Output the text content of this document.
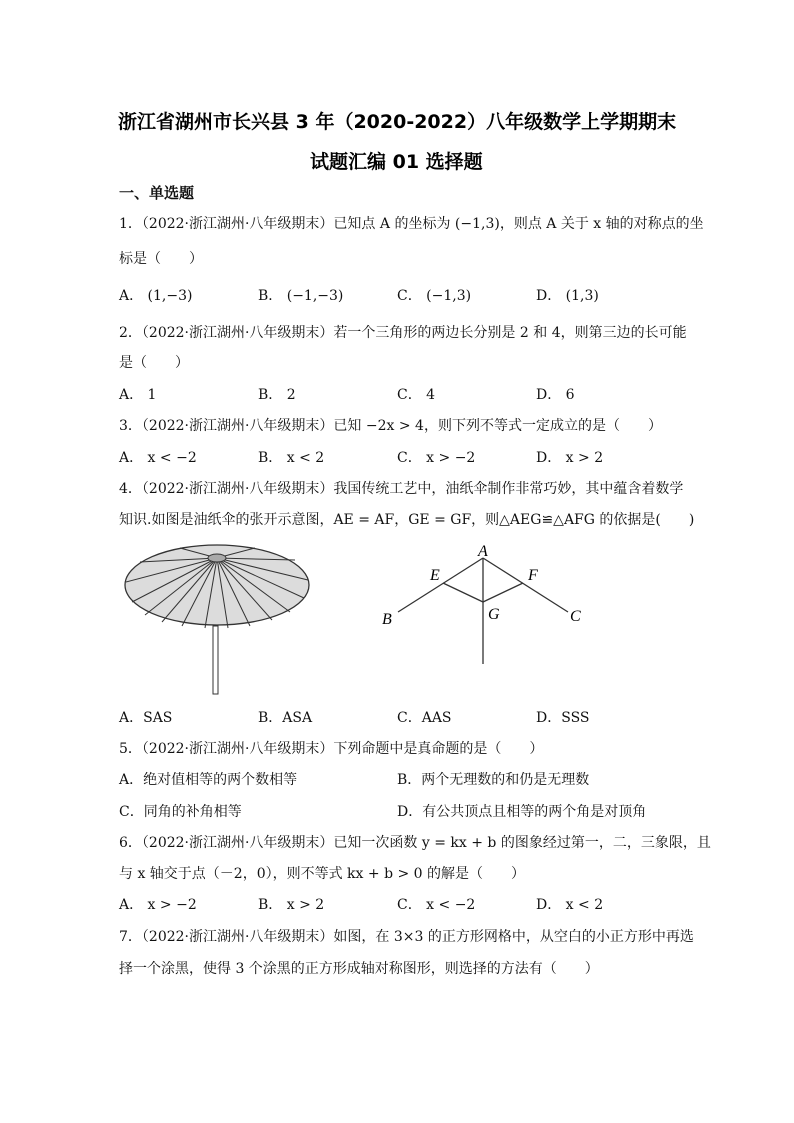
浙江省湖州市长兴县 3 年（2020-2022）八年级数学上学期期末
试题汇编 01 选择题
一、单选题
1．（2022·浙江湖州·八年级期末）已知点 A 的坐标为 (−1,3)，则点 A 关于 x 轴的对称点的坐
标是（　　）
A． (1,−3)	B． (−1,−3)	C． (−1,3)	D． (1,3)
2．（2022·浙江湖州·八年级期末）若一个三角形的两边长分别是 2 和 4，则第三边的长可能
是（　　）
A． 1	B． 2	C． 4	D． 6
3．（2022·浙江湖州·八年级期末）已知 −2x > 4，则下列不等式一定成立的是（　　）
A． x < −2	B． x < 2	C． x > −2	D． x > 2
4．（2022·浙江湖州·八年级期末）我国传统工艺中，油纸伞制作非常巧妙，其中蕴含着数学
知识.如图是油纸伞的张开示意图，AE = AF，GE = GF，则△AEG≌△AFG 的依据是(　　)
A
B	C
E	F
G
A．SAS	B．ASA	C．AAS	D．SSS
5．（2022·浙江湖州·八年级期末）下列命题中是真命题的是（　　）
A．绝对值相等的两个数相等	B．两个无理数的和仍是无理数
C．同角的补角相等	D．有公共顶点且相等的两个角是对顶角
6．（2022·浙江湖州·八年级期末）已知一次函数 y = kx + b 的图象经过第一，二，三象限，且
与 x 轴交于点（－2，0），则不等式 kx + b > 0 的解是（　　）
A． x > −2	B． x > 2	C． x < −2	D． x < 2
7．（2022·浙江湖州·八年级期末）如图，在 3×3 的正方形网格中，从空白的小正方形中再选
择一个涂黑，使得 3 个涂黑的正方形成轴对称图形，则选择的方法有（　　）
